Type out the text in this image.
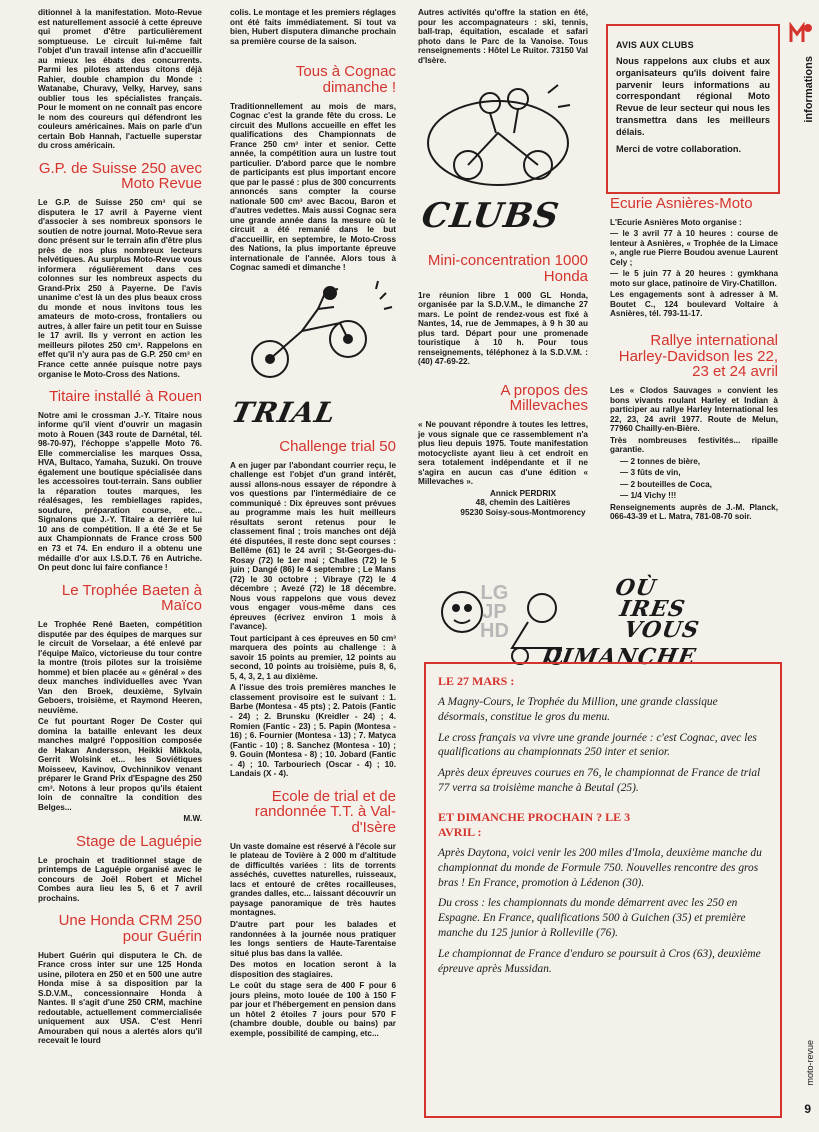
ditionnel à la manifestation. Moto-Revue est naturellement associé à cette épreuve qui promet d'être particulièrement somptueuse. Le circuit lui-même fait l'objet d'un travail intense afin d'accueillir au mieux les ébats des concurrents. Parmi les pilotes attendus citons déjà Rahier, double champion du Monde : Watanabe, Churavy, Velky, Harvey, sans oublier tous les spécialistes français. Pour le moment on ne connaît pas encore le nom des coureurs qui défendront les couleurs américaines. Mais on parle d'un certain Bob Hannah, l'actuelle superstar du cross américain.

G.P. de Suisse 250 avec Moto Revue

Le G.P. de Suisse 250 cm³ qui se disputera le 17 avril à Payerne vient d'associer à ses nombreux sponsors le soutien de notre journal. Moto-Revue sera donc présent sur le terrain afin d'être plus près de nos plus nombreux lecteurs helvétiques. Au surplus Moto-Revue vous informera régulièrement dans ces colonnes sur les nombreux aspects du Grand-Prix 250 à Payerne. De l'avis unanime c'est là un des plus beaux cross du monde et nous invitons tous les amateurs de moto-cross, frontaliers ou autres, à aller faire un petit tour en Suisse le 17 avril. Ils y verront en action les meilleurs pilotes 250 cm³. Rappelons en effet qu'il n'y aura pas de G.P. 250 cm³ en France cette année puisque notre pays organise le Moto-Cross des Nations.

Titaire installé à Rouen

Notre ami le crossman J.-Y. Titaire nous informe qu'il vient d'ouvrir un magasin moto à Rouen (343 route de Darnétal, tél. 98-70-97), l'échoppe s'appelle Moto 76. Elle commercialise les marques Ossa, HVA, Bultaco, Yamaha, Suzuki. On trouve également une boutique spécialisée dans les accessoires tout-terrain. Sans oublier la réparation toutes marques, les réalésages, les rembiellages rapides, soudure, préparation course, etc... Signalons que J.-Y. Titaire a derrière lui 10 ans de compétition. Il a été 3e et 5e aux Championnats de France cross 500 en 73 et 74. En enduro il a obtenu une médaille d'or aux I.S.D.T. 76 en Autriche. On peut donc lui faire confiance !

Le Trophée Baeten à Maïco

Le Trophée René Baeten, compétition disputée par des équipes de marques sur le circuit de Vorselaar, a été enlevé par l'équipe Maïco, victorieuse du tour contre la montre (trois pilotes sur la troisième homme) et bien placée au « général » des deux manches individuelles avec Yvan Van den Broek, deuxième, Sylvain Geboers, troisième, et Raymond Heeren, neuvième.

Ce fut pourtant Roger De Coster qui domina la bataille enlevant les deux manches malgré l'opposition composée de Hakan Andersson, Heikki Mikkola, Gerrit Wolsink et... les Soviétiques Moisseev, Kavinov, Ovchinnikov venant préparer le Grand Prix d'Espagne des 250 cm³. Notons à leur propos qu'ils étaient loin de connaître la condition des Belges...

M.W.
Stage de Laguépie

Le prochain et traditionnel stage de printemps de Laguépie organisé avec le concours de Joël Robert et Michel Combes aura lieu les 5, 6 et 7 avril prochains.

Une Honda CRM 250 pour Guérin

Hubert Guérin qui disputera le Ch. de France cross inter sur une 125 Honda usine, pilotera en 250 et en 500 une autre Honda mise à sa disposition par la S.D.V.M., concessionnaire Honda à Nantes. Il s'agit d'une 250 CRM, machine redoutable, actuellement commercialisée uniquement aux USA. C'est Henri Amouraben qui nous a alertés alors qu'il recevait le lourd

colis. Le montage et les premiers réglages ont été faits immédiatement. Si tout va bien, Hubert disputera dimanche prochain sa première course de la saison.

Tous à Cognac dimanche !

Traditionnellement au mois de mars, Cognac c'est la grande fête du cross. Le circuit des Mullons accueille en effet les qualifications des Championnats de France 250 cm³ inter et senior. Cette année, la compétition aura un lustre tout particulier. D'abord parce que le nombre de participants est plus important encore que par le passé : plus de 300 concurrents annoncés sans compter la course nationale 500 cm³ avec Bacou, Baron et d'autres vedettes. Mais aussi Cognac sera une grande année dans la mesure où le circuit a été remanié dans le but d'accueillir, en septembre, le Moto-Cross des Nations, la plus importante épreuve internationale de l'année. Alors tous à Cognac samedi et dimanche !

TRIAL
Challenge trial 50

A en juger par l'abondant courrier reçu, le challenge est l'objet d'un grand intérêt, aussi allons-nous essayer de répondre à vos questions par l'intermédiaire de ce communiqué : Dix épreuves sont prévues au programme mais les huit meilleurs résultats seront retenus pour le classement final ; trois manches ont déjà été disputées, il reste donc sept courses : Bellême (61) le 24 avril ; St-Georges-du-Rosay (72) le 1er mai ; Challes (72) le 5 juin ; Dangé (86) le 4 septembre ; Le Mans (72) le 30 octobre ; Vibraye (72) le 4 décembre ; Avezé (72) le 18 décembre. Nous vous rappelons que vous devez vous engager vous-même dans ces épreuves (écrivez environ 1 mois à l'avance).

Tout participant à ces épreuves en 50 cm³ marquera des points au challenge : à savoir 15 points au premier, 12 points au second, 10 points au troisième, puis 8, 6, 5, 4, 3, 2, 1 au dixième.

A l'issue des trois premières manches le classement provisoire est le suivant : 1. Barbe (Montesa - 45 pts) ; 2. Patois (Fantic - 24) ; 2. Brunsku (Kreidler - 24) ; 4. Romien (Fantic - 23) ; 5. Papin (Montesa - 16) ; 6. Fournier (Montesa - 13) ; 7. Matyca (Fantic - 10) ; 8. Sanchez (Montesa - 10) ; 9. Gouin (Montesa - 8) ; 10. Jobard (Fantic - 4) ; 10. Tarbouriech (Oscar - 4) ; 10. Landais (X - 4).

Ecole de trial et de randonnée T.T. à Val-d'Isère

Un vaste domaine est réservé à l'école sur le plateau de Tovière à 2 000 m d'altitude de difficultés variées : lits de torrents asséchés, cuvettes naturelles, ruisseaux, lacs et entouré de crêtes rocailleuses, grandes dalles, etc... laissant découvrir un paysage panoramique de très hautes montagnes.

D'autre part pour les balades et randonnées à la journée nous pratiquer les longs sentiers de Haute-Tarentaise situé plus bas dans la vallée.

Des motos en location seront à la disposition des stagiaires.

Le coût du stage sera de 400 F pour 6 jours pleins, moto louée de 100 à 150 F par jour et l'hébergement en pension dans un hôtel 2 étoiles 7 jours pour 570 F (chambre double, double ou bains) par exemple, possibilité de camping, etc...

Autres activités qu'offre la station en été, pour les accompagnateurs : ski, tennis, ball-trap, équitation, escalade et safari photo dans le Parc de la Vanoise. Tous renseignements : Hôtel Le Ruitor. 73150 Val d'Isère.

CLUBS
Mini-concentration 1000 Honda

1re réunion libre 1 000 GL Honda, organisée par la S.D.V.M., le dimanche 27 mars. Le point de rendez-vous est fixé à Nantes, 14, rue de Jemmapes, à 9 h 30 au plus tard. Départ pour une promenade touristique à 10 h. Pour tous renseignements, téléphonez à la S.D.V.M. : (40) 47-69-22.

A propos des Millevaches

« Ne pouvant répondre à toutes les lettres, je vous signale que ce rassemblement n'a plus lieu depuis 1975. Toute manifestation motocycliste ayant lieu à cet endroit en sera totalement indépendante et il ne s'agira en aucun cas d'une édition « Millevaches ».

Annick PERDRIX
48, chemin des Laitières
95230 Soisy-sous-Montmorency
AVIS AUX CLUBS

Nous rappelons aux clubs et aux organisateurs qu'ils doivent faire parvenir leurs informations au correspondant régional Moto Revue de leur secteur qui nous les transmettra dans les meilleurs délais.

Merci de votre collaboration.

Ecurie Asnières-Moto

L'Ecurie Asnières Moto organise :

— le 3 avril 77 à 10 heures : course de lenteur à Asnières, « Trophée de la Limace », angle rue Pierre Boudou avenue Laurent Cely ;

— le 5 juin 77 à 20 heures : gymkhana moto sur glace, patinoire de Viry-Chatillon.

Les engagements sont à adresser à M. Boutet C., 124 boulevard Voltaire à Asnières, tél. 793-11-17.

Rallye international Harley-Davidson les 22, 23 et 24 avril

Les « Clodos Sauvages » convient les bons vivants roulant Harley et Indian à participer au rallye Harley International les 22, 23, 24 avril 1977. Route de Melun, 77960 Chailly-en-Bière.

Très nombreuses festivités... ripaille garantie.

— 2 tonnes de bière,

— 3 fûts de vin,

— 2 bouteilles de Coca,

— 1/4 Vichy !!!

Renseignements auprès de J.-M. Planck, 066-43-39 et L. Matra, 781-08-70 soir.

LG
JP
HD
OÙ
IRES
VOUS
DIMANCHE
LE 27 MARS :

A Magny-Cours, le Trophée du Million, une grande classique désormais, constitue le gros du menu.

Le cross français va vivre une grande journée : c'est Cognac, avec les qualifications au championnats 250 inter et senior.

Après deux épreuves courues en 76, le championnat de France de trial 77 verra sa troisième manche à Beutal (25).

ET DIMANCHE PROCHAIN ? LE 3 AVRIL :

Après Daytona, voici venir les 200 miles d'Imola, deuxième manche du championnat du monde de Formule 750. Nouvelles rencontre des gros bras ! En France, promotion à Lédenon (30).

Du cross : les championnats du monde démarrent avec les 250 en Espagne. En France, qualifications 500 à Guichen (35) et première manche du 125 junior à Rolleville (76).

Le championnat de France d'enduro se poursuit à Cros (63), deuxième épreuve après Mussidan.

informations
moto-revue
9
